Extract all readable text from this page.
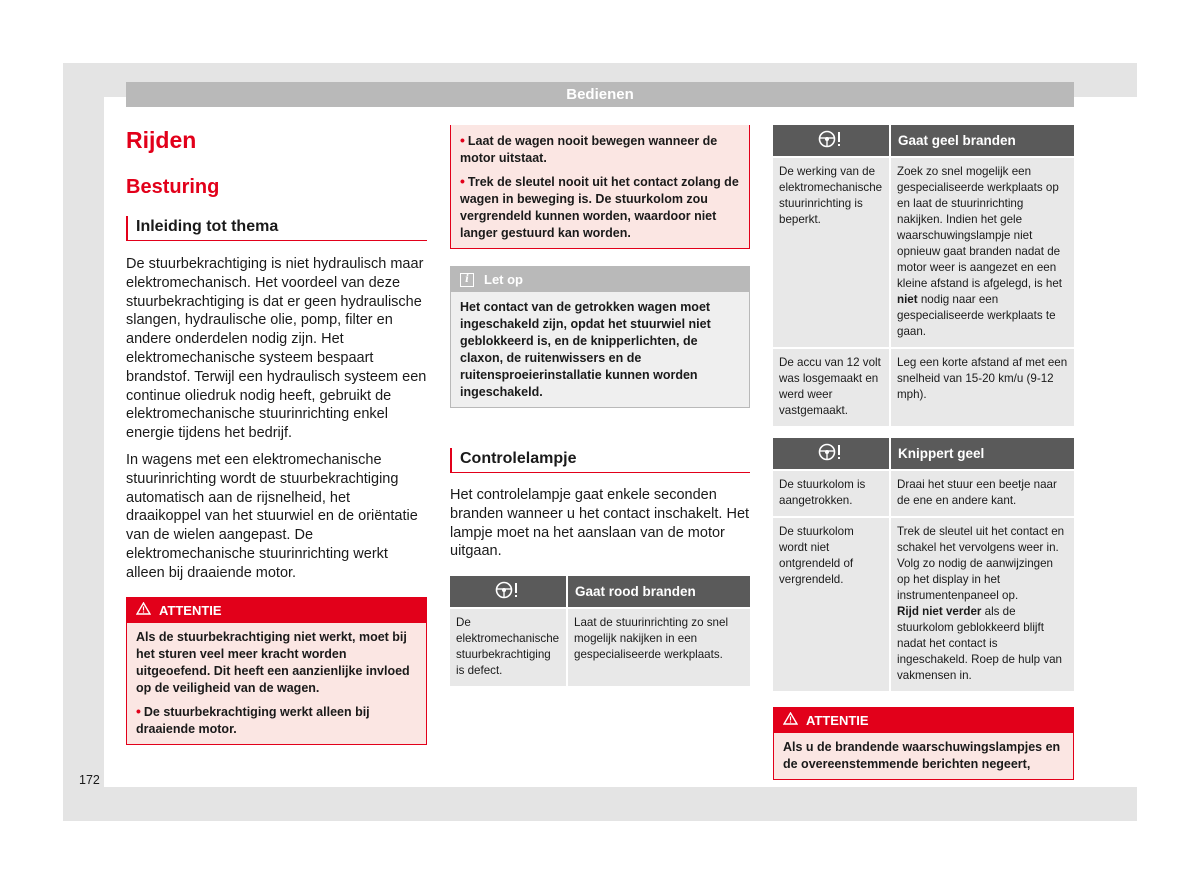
Bedienen
Rijden
Besturing
Inleiding tot thema

De stuurbekrachtiging is niet hydraulisch maar elektromechanisch. Het voordeel van deze stuurbekrachtiging is dat er geen hydraulische slangen, hydraulische olie, pomp, filter en andere onderdelen nodig zijn. Het elektromechanische systeem bespaart brandstof. Terwijl een hydraulisch systeem een continue oliedruk nodig heeft, gebruikt de elektromechanische stuurinrichting enkel energie tijdens het bedrijf.

In wagens met een elektromechanische stuurinrichting wordt de stuurbekrachtiging automatisch aan de rijsnelheid, het draaikoppel van het stuurwiel en de oriëntatie van de wielen aangepast. De elektromechanische stuurinrichting werkt alleen bij draaiende motor.

ATTENTIE

Als de stuurbekrachtiging niet werkt, moet bij het sturen veel meer kracht worden uitgeoefend. Dit heeft een aanzienlijke invloed op de veiligheid van de wagen.

• De stuurbekrachtiging werkt alleen bij draaiende motor.

• Laat de wagen nooit bewegen wanneer de motor uitstaat.

• Trek de sleutel nooit uit het contact zolang de wagen in beweging is. De stuurkolom zou vergrendeld kunnen worden, waardoor niet langer gestuurd kan worden.

i	Let op
Het contact van de getrokken wagen moet ingeschakeld zijn, opdat het stuurwiel niet geblokkeerd is, en de knipperlichten, de claxon, de ruitenwissers en de ruitensproeierinstallatie kunnen worden ingeschakeld.
Controlelampje

Het controlelampje gaat enkele seconden branden wanneer u het contact inschakelt. Het lampje moet na het aanslaan van de motor uitgaan.

	Gaat rood branden
De elektromechanische stuurbekrachtiging is defect.	Laat de stuurinrichting zo snel mogelijk nakijken in een gespecialiseerde werkplaats.
	Gaat geel branden
De werking van de elektromechanische stuurinrichting is beperkt.	Zoek zo snel mogelijk een gespecialiseerde werkplaats op en laat de stuurinrichting nakijken. Indien het gele waarschuwingslampje niet opnieuw gaat branden nadat de motor weer is aangezet en een kleine afstand is afgelegd, is het niet nodig naar een gespecialiseerde werkplaats te gaan.
De accu van 12 volt was losgemaakt en werd weer vastgemaakt.	Leg een korte afstand af met een snelheid van 15-20 km/u (9-12 mph).
	Knippert geel
De stuurkolom is aangetrokken.	Draai het stuur een beetje naar de ene en andere kant.
De stuurkolom wordt niet ontgrendeld of vergrendeld.	Trek de sleutel uit het contact en schakel het vervolgens weer in. Volg zo nodig de aanwijzingen op het display in het instrumentenpaneel op.
Rijd niet verder als de stuurkolom geblokkeerd blijft nadat het contact is ingeschakeld. Roep de hulp van vakmensen in.
ATTENTIE
Als u de brandende waarschuwingslampjes en de overeenstemmende berichten negeert,
172
